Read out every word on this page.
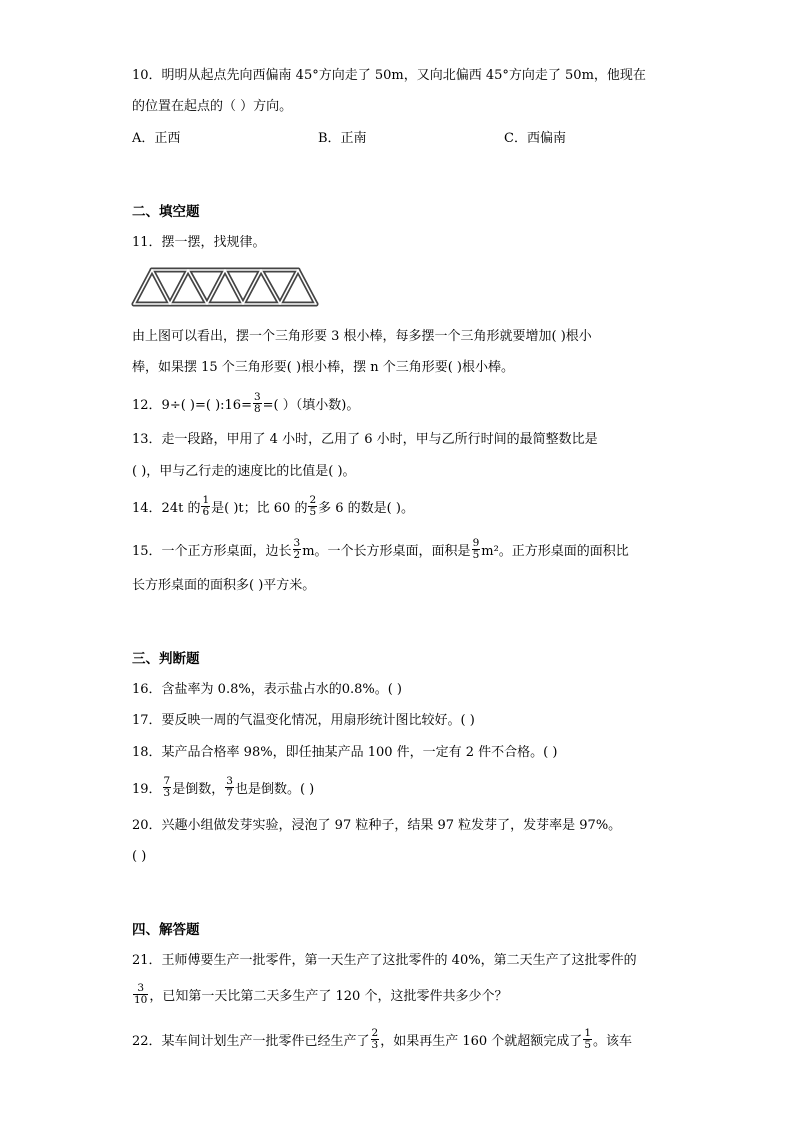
10．明明从起点先向西偏南 45°方向走了 50m，又向北偏西 45°方向走了 50m，他现在
的位置在起点的（ ）方向。
A．正西	B．正南	C．西偏南
二、填空题
11．摆一摆，找规律。
由上图可以看出，摆一个三角形要 3 根小棒，每多摆一个三角形就要增加( )根小
棒，如果摆 15 个三角形要( )根小棒，摆 n 个三角形要( )根小棒。
12．9÷( )=( ):16= $\frac{3}{8}$ =( ）（填小数)。
13．走一段路，甲用了 4 小时，乙用了 6 小时，甲与乙所行时间的最简整数比是
( )，甲与乙行走的速度比的比值是( )。
14．24t 的 $\frac{1}{6}$ 是( )t；比 60 的 $\frac{2}{5}$ 多 6 的数是( )。
15．一个正方形桌面，边长 $\frac{3}{2}$ m。一个长方形桌面，面积是 $\frac{9}{5} m^2$。正方形桌面的面积比
长方形桌面的面积多( )平方米。
三、判断题
16．含盐率为 0.8%，表示盐占水的0.8%。( )
17．要反映一周的气温变化情况，用扇形统计图比较好。( )
18．某产品合格率 98%，即任抽某产品 100 件，一定有 2 件不合格。( )
19． $\frac{7}{3}$ 是倒数， $\frac{3}{7}$ 也是倒数。( )
20．兴趣小组做发芽实验，浸泡了 97 粒种子，结果 97 粒发芽了，发芽率是 97%。
( )
四、解答题
21．王师傅要生产一批零件，第一天生产了这批零件的 40%，第二天生产了这批零件的
$\frac{3}{10}$ ，已知第一天比第二天多生产了 120 个，这批零件共多少个？
22．某车间计划生产一批零件已经生产了 $\frac{2}{3}$ ，如果再生产 160 个就超额完成了 $\frac{1}{5}$ 。该车
